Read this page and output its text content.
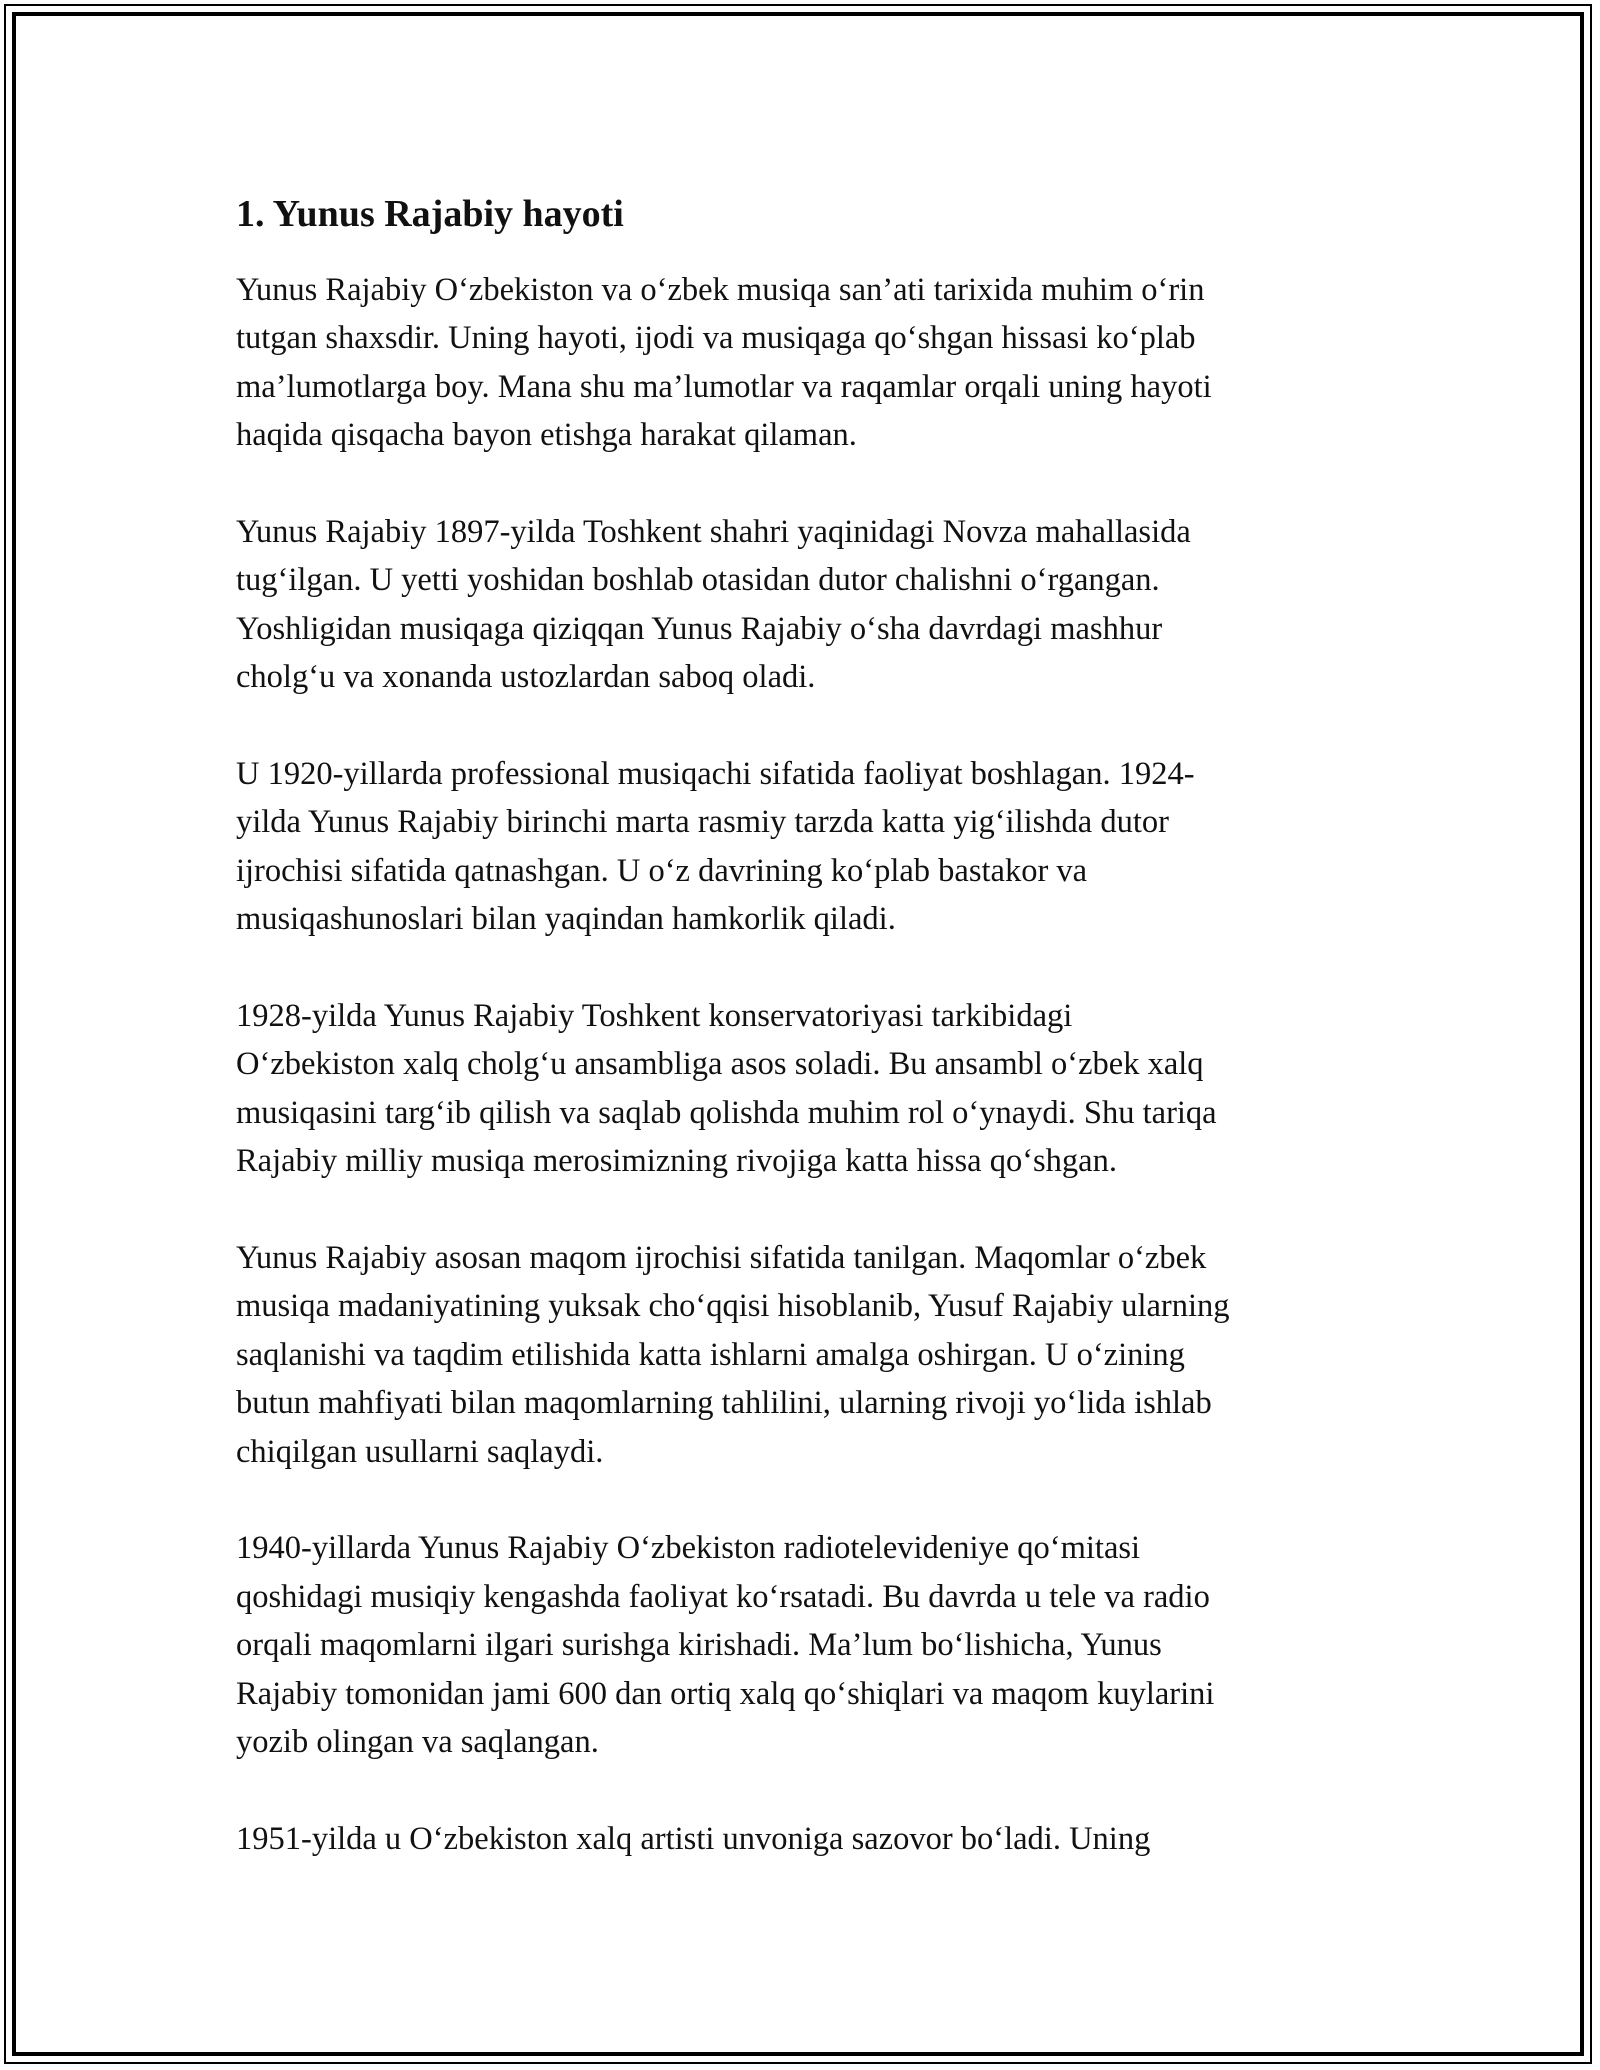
1. Yunus Rajabiy hayoti

Yunus Rajabiy O‘zbekiston va o‘zbek musiqa san’ati tarixida muhim o‘rin
tutgan shaxsdir. Uning hayoti, ijodi va musiqaga qo‘shgan hissasi ko‘plab
ma’lumotlarga boy. Mana shu ma’lumotlar va raqamlar orqali uning hayoti
haqida qisqacha bayon etishga harakat qilaman.

Yunus Rajabiy 1897-yilda Toshkent shahri yaqinidagi Novza mahallasida
tug‘ilgan. U yetti yoshidan boshlab otasidan dutor chalishni o‘rgangan.
Yoshligidan musiqaga qiziqqan Yunus Rajabiy o‘sha davrdagi mashhur
cholg‘u va xonanda ustozlardan saboq oladi.

U 1920-yillarda professional musiqachi sifatida faoliyat boshlagan. 1924-
yilda Yunus Rajabiy birinchi marta rasmiy tarzda katta yig‘ilishda dutor
ijrochisi sifatida qatnashgan. U o‘z davrining ko‘plab bastakor va
musiqashunoslari bilan yaqindan hamkorlik qiladi.

1928-yilda Yunus Rajabiy Toshkent konservatoriyasi tarkibidagi
O‘zbekiston xalq cholg‘u ansambliga asos soladi. Bu ansambl o‘zbek xalq
musiqasini targ‘ib qilish va saqlab qolishda muhim rol o‘ynaydi. Shu tariqa
Rajabiy milliy musiqa merosimizning rivojiga katta hissa qo‘shgan.

Yunus Rajabiy asosan maqom ijrochisi sifatida tanilgan. Maqomlar o‘zbek
musiqa madaniyatining yuksak cho‘qqisi hisoblanib, Yusuf Rajabiy ularning
saqlanishi va taqdim etilishida katta ishlarni amalga oshirgan. U o‘zining
butun mahfiyati bilan maqomlarning tahlilini, ularning rivoji yo‘lida ishlab
chiqilgan usullarni saqlaydi.

1940-yillarda Yunus Rajabiy O‘zbekiston radiotelevideniye qo‘mitasi
qoshidagi musiqiy kengashda faoliyat ko‘rsatadi. Bu davrda u tele va radio
orqali maqomlarni ilgari surishga kirishadi. Ma’lum bo‘lishicha, Yunus
Rajabiy tomonidan jami 600 dan ortiq xalq qo‘shiqlari va maqom kuylarini
yozib olingan va saqlangan.

1951-yilda u O‘zbekiston xalq artisti unvoniga sazovor bo‘ladi. Uning
